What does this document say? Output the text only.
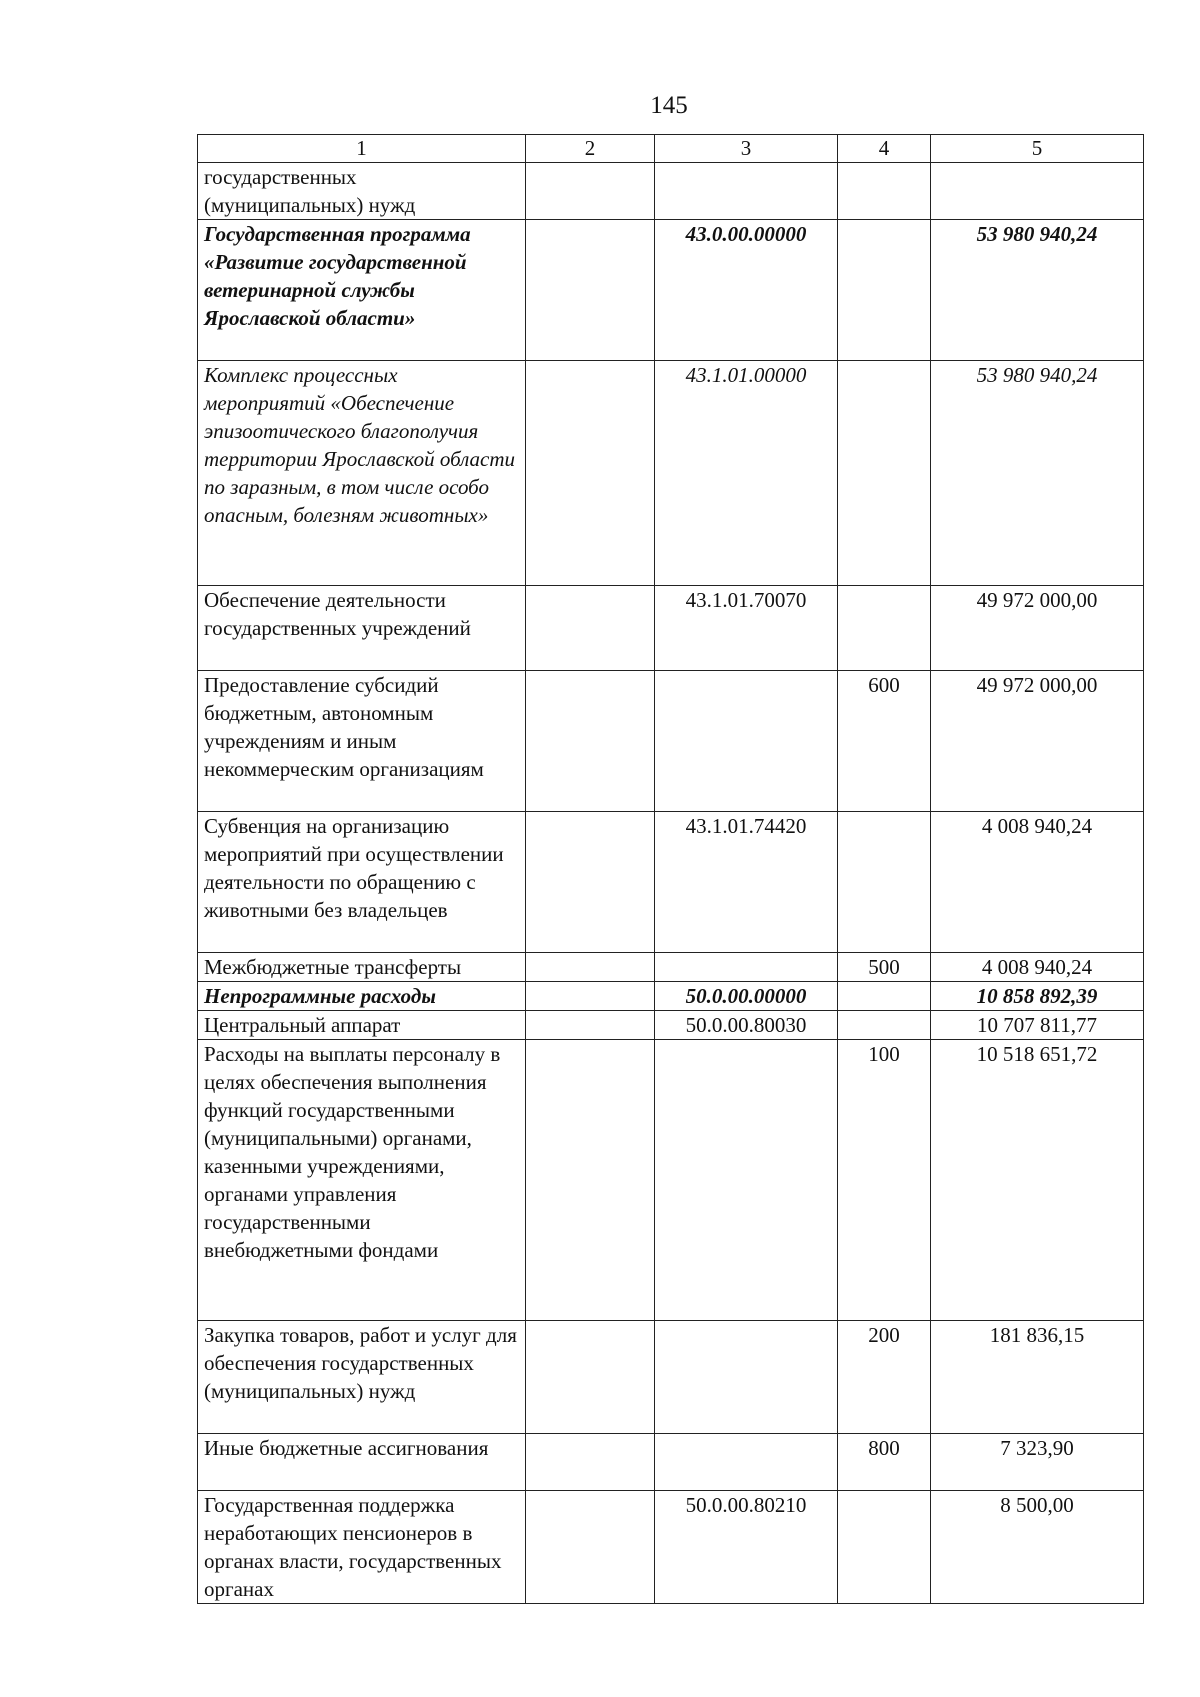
145
1	2	3	4	5
государственных (муниципальных) нужд				
Государственная программа «Развитие государственной ветеринарной службы Ярославской области»		43.0.00.00000		53 980 940,24
Комплекс процессных мероприятий «Обеспечение эпизоотического благополучия территории Ярославской области по заразным, в том числе особо опасным, болезням животных»		43.1.01.00000		53 980 940,24
Обеспечение деятельности государственных учреждений		43.1.01.70070		49 972 000,00
Предоставление субсидий бюджетным, автономным учреждениям и иным некоммерческим организациям			600	49 972 000,00
Субвенция на организацию мероприятий при осуществлении деятельности по обращению с животными без владельцев		43.1.01.74420		4 008 940,24
Межбюджетные трансферты			500	4 008 940,24
Непрограммные расходы		50.0.00.00000		10 858 892,39
Центральный аппарат		50.0.00.80030		10 707 811,77
Расходы на выплаты персоналу в целях обеспечения выполнения функций государственными (муниципальными) органами, казенными учреждениями, органами управления государственными внебюджетными фондами			100	10 518 651,72
Закупка товаров, работ и услуг для обеспечения государственных (муниципальных) нужд			200	181 836,15
Иные бюджетные ассигнования			800	7 323,90
Государственная поддержка неработающих пенсионеров в органах власти, государственных органах		50.0.00.80210		8 500,00
